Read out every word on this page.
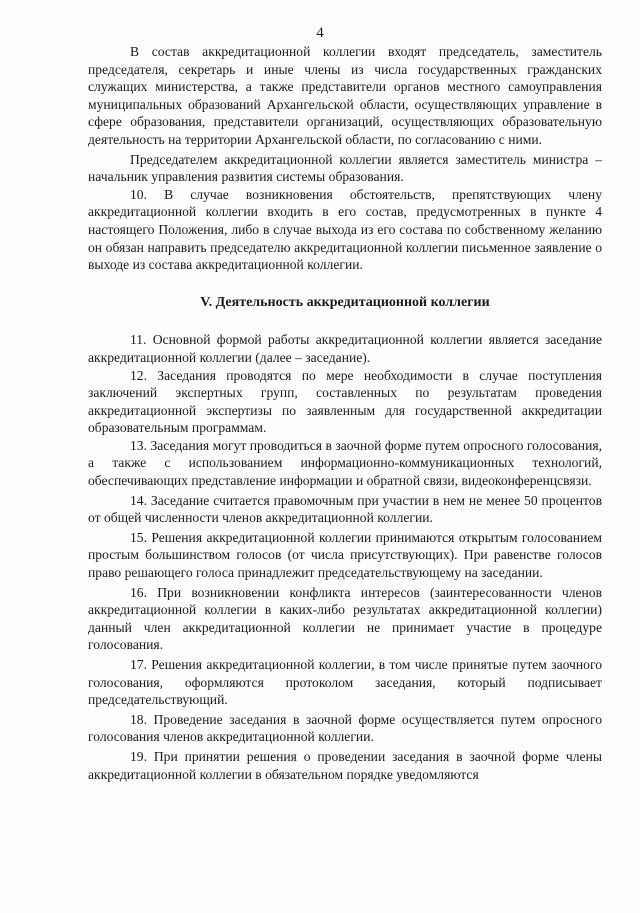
4

В состав аккредитационной коллегии входят председатель, заместитель председателя, секретарь и иные члены из числа государственных гражданских служащих министерства, а также представители органов местного самоуправления муниципальных образований Архангельской области, осуществляющих управление в сфере образования, представители организаций, осуществляющих образовательную деятельность на территории Архангельской области, по согласованию с ними.

Председателем аккредитационной коллегии является заместитель министра – начальник управления развития системы образования.

10. В случае возникновения обстоятельств, препятствующих члену аккредитационной коллегии входить в его состав, предусмотренных в пункте 4 настоящего Положения, либо в случае выхода из его состава по собственному желанию он обязан направить председателю аккредитационной коллегии письменное заявление о выходе из состава аккредитационной коллегии.

V. Деятельность аккредитационной коллегии

11. Основной формой работы аккредитационной коллегии является заседание аккредитационной коллегии (далее – заседание).

12. Заседания проводятся по мере необходимости в случае поступления заключений экспертных групп, составленных по результатам проведения аккредитационной экспертизы по заявленным для государственной аккредитации образовательным программам.

13. Заседания могут проводиться в заочной форме путем опросного голосования, а также с использованием информационно-коммуникационных технологий, обеспечивающих представление информации и обратной связи, видеоконференцсвязи.

14. Заседание считается правомочным при участии в нем не менее 50 процентов от общей численности членов аккредитационной коллегии.

15. Решения аккредитационной коллегии принимаются открытым голосованием простым большинством голосов (от числа присутствующих). При равенстве голосов право решающего голоса принадлежит председательствующему на заседании.

16. При возникновении конфликта интересов (заинтересованности членов аккредитационной коллегии в каких-либо результатах аккредитационной коллегии) данный член аккредитационной коллегии не принимает участие в процедуре голосования.

17. Решения аккредитационной коллегии, в том числе принятые путем заочного голосования, оформляются протоколом заседания, который подписывает председательствующий.

18. Проведение заседания в заочной форме осуществляется путем опросного голосования членов аккредитационной коллегии.

19. При принятии решения о проведении заседания в заочной форме члены аккредитационной коллегии в обязательном порядке уведомляются
